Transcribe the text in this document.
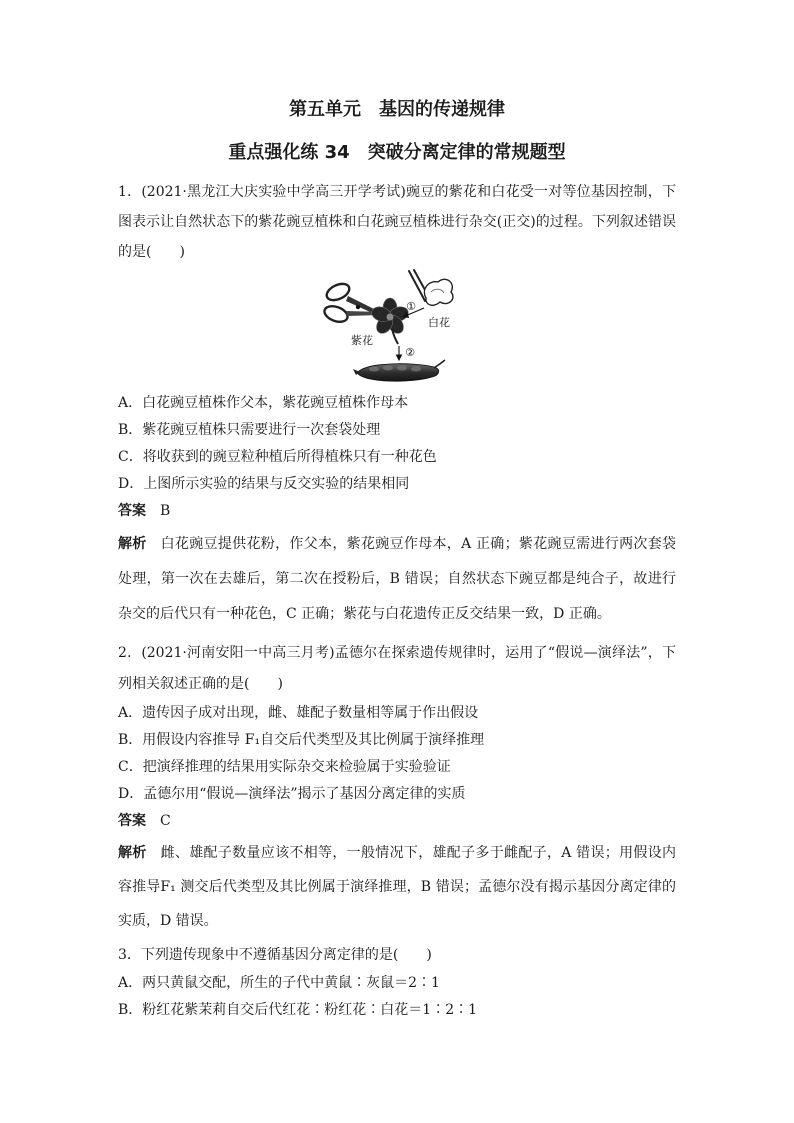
第五单元　基因的传递规律

重点强化练 34　突破分离定律的常规题型

1．(2021·黑龙江大庆实验中学高三开学考试)豌豆的紫花和白花受一对等位基因控制，下图表示让自然状态下的紫花豌豆植株和白花豌豆植株进行杂交(正交)的过程。下列叙述错误的是(　　)

①
白花
紫花
②

A．白花豌豆植株作父本，紫花豌豆植株作母本

B．紫花豌豆植株只需要进行一次套袋处理

C．将收获到的豌豆粒种植后所得植株只有一种花色

D．上图所示实验的结果与反交实验的结果相同

答案 B

解析 白花豌豆提供花粉，作父本，紫花豌豆作母本，A 正确；紫花豌豆需进行两次套袋处理，第一次在去雄后，第二次在授粉后，B 错误；自然状态下豌豆都是纯合子，故进行杂交的后代只有一种花色，C 正确；紫花与白花遗传正反交结果一致，D 正确。

2．(2021·河南安阳一中高三月考)孟德尔在探索遗传规律时，运用了“假说—演绎法”，下列相关叙述正确的是(　　)

A．遗传因子成对出现，雌、雄配子数量相等属于作出假设

B．用假设内容推导 F₁自交后代类型及其比例属于演绎推理

C．把演绎推理的结果用实际杂交来检验属于实验验证

D．孟德尔用“假说—演绎法”揭示了基因分离定律的实质

答案 C

解析 雌、雄配子数量应该不相等，一般情况下，雄配子多于雌配子，A 错误；用假设内容推导F₁ 测交后代类型及其比例属于演绎推理，B 错误；孟德尔没有揭示基因分离定律的实质，D 错误。

3．下列遗传现象中不遵循基因分离定律的是(　　)

A．两只黄鼠交配，所生的子代中黄鼠∶灰鼠＝2∶1

B．粉红花紫茉莉自交后代红花∶粉红花∶白花＝1∶2∶1
